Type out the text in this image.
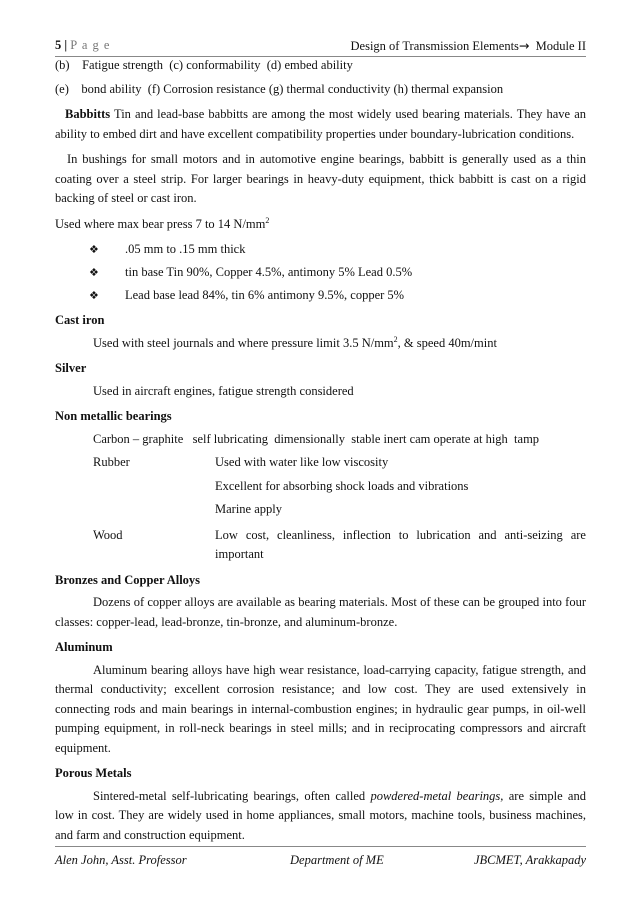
5 | P a g e	Design of Transmission Elements→ Module II

(b)    Fatigue strength  (c) conformability  (d) embed ability

(e)    bond ability  (f) Corrosion resistance (g) thermal conductivity (h) thermal expansion

Babbitts Tin and lead-base babbitts are among the most widely used bearing materials. They have an ability to embed dirt and have excellent compatibility properties under boundary-lubrication conditions.

In bushings for small motors and in automotive engine bearings, babbitt is generally used as a thin coating over a steel strip. For larger bearings in heavy-duty equipment, thick babbitt is cast on a rigid backing of steel or cast iron.

Used where max bear press 7 to 14 $N/mm^2$

❖	.05 mm to .15 mm thick
❖	tin base Tin 90%, Copper 4.5%, antimony 5% Lead 0.5%
❖	Lead base lead 84%, tin 6% antimony 9.5%, copper 5%

Cast iron

Used with steel journals and where pressure limit 3.5 $N/mm^2$, & speed 40m/mint

Silver

Used in aircraft engines, fatigue strength considered

Non metallic bearings

Carbon – graphite   self lubricating  dimensionally  stable inert cam operate at high  tamp

Rubber	Used with water like low viscosity
Excellent for absorbing shock loads and vibrations
Marine apply
Wood	Low cost, cleanliness, inflection to lubrication and anti-seizing are important

Bronzes and Copper Alloys

Dozens of copper alloys are available as bearing materials. Most of these can be grouped into four classes: copper-lead, lead-bronze, tin-bronze, and aluminum-bronze.

Aluminum

Aluminum bearing alloys have high wear resistance, load-carrying capacity, fatigue strength, and thermal conductivity; excellent corrosion resistance; and low cost. They are used extensively in connecting rods and main bearings in internal-combustion engines; in hydraulic gear pumps, in oil-well pumping equipment, in roll-neck bearings in steel mills; and in reciprocating compressors and aircraft equipment.

Porous Metals

Sintered-metal self-lubricating bearings, often called powdered-metal bearings, are simple and low in cost. They are widely used in home appliances, small motors, machine tools, business machines, and farm and construction equipment.

Alen John, Asst. Professor	Department of ME	JBCMET, Arakkapady
